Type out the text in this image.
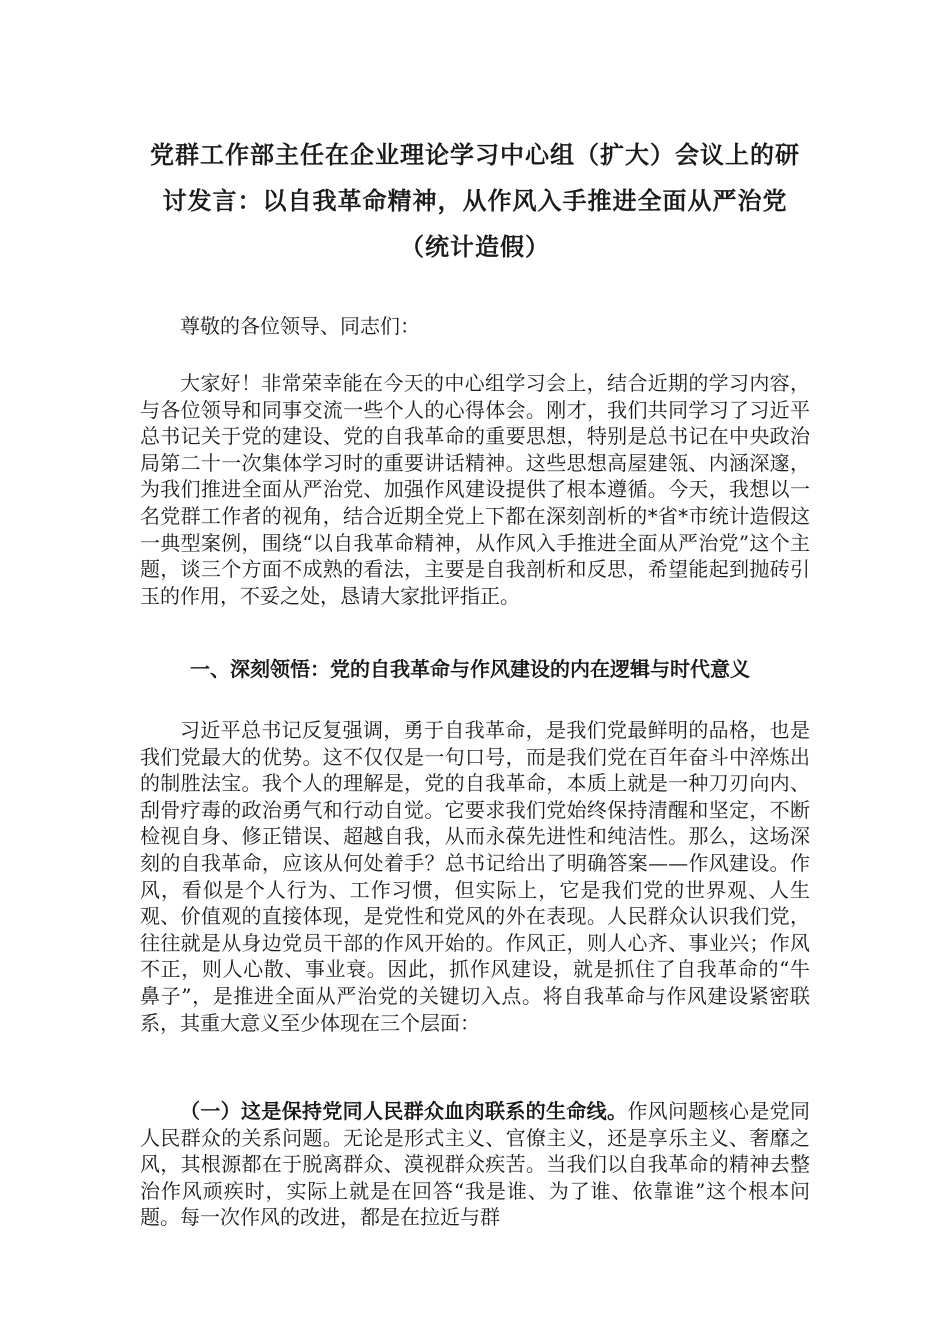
党群工作部主任在企业理论学习中心组（扩大）会议上的研讨发言：以自我革命精神，从作风入手推进全面从严治党（统计造假）
尊敬的各位领导、同志们：
大家好！非常荣幸能在今天的中心组学习会上，结合近期的学习内容，与各位领导和同事交流一些个人的心得体会。刚才，我们共同学习了习近平总书记关于党的建设、党的自我革命的重要思想，特别是总书记在中央政治局第二十一次集体学习时的重要讲话精神。这些思想高屋建瓴、内涵深邃，为我们推进全面从严治党、加强作风建设提供了根本遵循。今天，我想以一名党群工作者的视角，结合近期全党上下都在深刻剖析的*省*市统计造假这一典型案例，围绕“以自我革命精神，从作风入手推进全面从严治党”这个主题，谈三个方面不成熟的看法，主要是自我剖析和反思，希望能起到抛砖引玉的作用，不妥之处，恳请大家批评指正。
一、深刻领悟：党的自我革命与作风建设的内在逻辑与时代意义
习近平总书记反复强调，勇于自我革命，是我们党最鲜明的品格，也是我们党最大的优势。这不仅仅是一句口号，而是我们党在百年奋斗中淬炼出的制胜法宝。我个人的理解是，党的自我革命，本质上就是一种刀刃向内、刮骨疗毒的政治勇气和行动自觉。它要求我们党始终保持清醒和坚定，不断检视自身、修正错误、超越自我，从而永葆先进性和纯洁性。那么，这场深刻的自我革命，应该从何处着手？总书记给出了明确答案——作风建设。作风，看似是个人行为、工作习惯，但实际上，它是我们党的世界观、人生观、价值观的直接体现，是党性和党风的外在表现。人民群众认识我们党，往往就是从身边党员干部的作风开始的。作风正，则人心齐、事业兴；作风不正，则人心散、事业衰。因此，抓作风建设，就是抓住了自我革命的“牛鼻子”，是推进全面从严治党的关键切入点。将自我革命与作风建设紧密联系，其重大意义至少体现在三个层面：
（一）这是保持党同人民群众血肉联系的生命线。作风问题核心是党同人民群众的关系问题。无论是形式主义、官僚主义，还是享乐主义、奢靡之风，其根源都在于脱离群众、漠视群众疾苦。当我们以自我革命的精神去整治作风顽疾时，实际上就是在回答“我是谁、为了谁、依靠谁”这个根本问题。每一次作风的改进，都是在拉近与群
